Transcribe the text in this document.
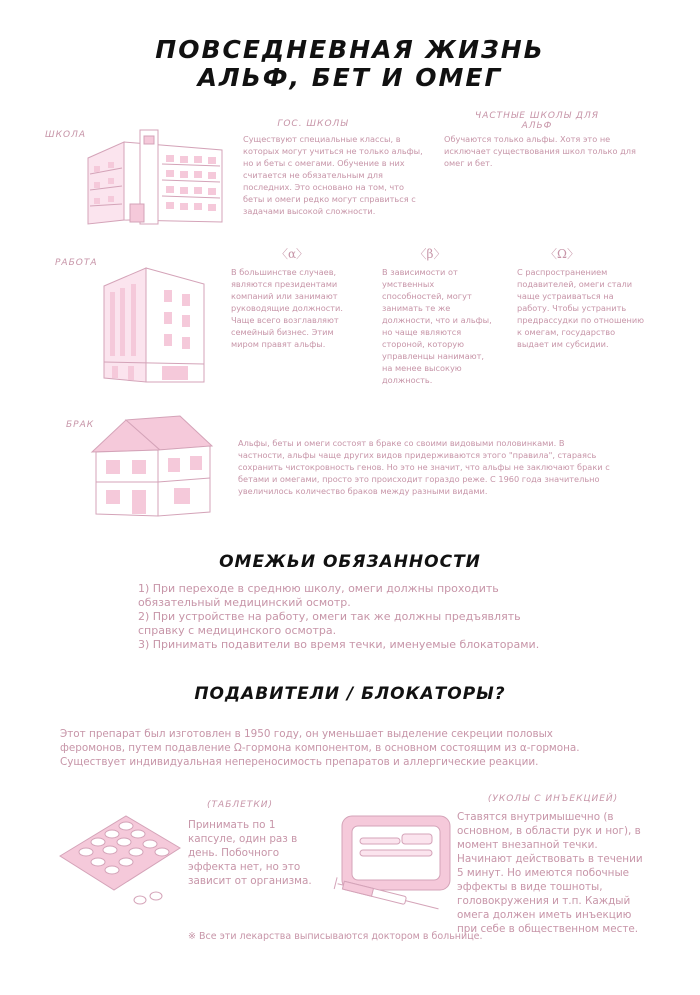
ПОВСЕДНЕВНАЯ ЖИЗНЬ
АЛЬФ, БЕТ И ОМЕГ
ШКОЛА
ГОС. ШКОЛЫ
Существуют специальные классы, в которых могут учиться не только альфы, но и беты с омегами. Обучение в них считается не обязательным для последних. Это основано на том, что беты и омеги редко могут справиться с задачами высокой сложности.
ЧАСТНЫЕ ШКОЛЫ ДЛЯ АЛЬФ
Обучаются только альфы. Хотя это не исключает существования школ только для омег и бет.
РАБОТА
〈α〉
В большинстве случаев, являются президентами компаний или занимают руководящие должности. Чаще всего возглавляют семейный бизнес. Этим миром правят альфы.
〈β〉
В зависимости от умственных способностей, могут занимать те же должности, что и альфы, но чаще являются стороной, которую управленцы нанимают, на менее высокую должность.
〈Ω〉
С распространением подавителей, омеги стали чаще устраиваться на работу. Чтобы устранить предрассудки по отношению к омегам, государство выдает им субсидии.
БРАК
Альфы, беты и омеги состоят в браке со своими видовыми половинками. В частности, альфы чаще других видов придерживаются этого "правила", стараясь сохранить чистокровность генов. Но это не значит, что альфы не заключают браки с бетами и омегами, просто это происходит гораздо реже. С 1960 года значительно увеличилось количество браков между разными видами.
ОМЕЖЬИ ОБЯЗАННОСТИ

1) При переходе в среднюю школу, омеги должны проходить

обязательный медицинский осмотр.

2) При устройстве на работу, омеги так же должны предъявлять

справку с медицинского осмотра.

3) Принимать подавители во время течки, именуемые блокаторами.

ПОДАВИТЕЛИ / БЛОКАТОРЫ?

Этот препарат был изготовлен в 1950 году, он уменьшает выделение секреции половых

феромонов, путем подавление Ω-гормона компонентом, в основном состоящим из α-гормона.

Существует индивидуальная непереносимость препаратов и аллергические реакции.

(ТАБЛЕТКИ)
Принимать по 1 капсуле, один раз в день. Побочного эффекта нет, но это зависит от организма.
(УКОЛЫ С ИНЪЕКЦИЕЙ)
Ставятся внутримышечно (в основном, в области рук и ног), в момент внезапной течки. Начинают действовать в течении 5 минут. Но имеются побочные эффекты в виде тошноты, головокружения и т.п. Каждый омега должен иметь инъекцию при себе в общественном месте.
※ Все эти лекарства выписываются доктором в больнице.
